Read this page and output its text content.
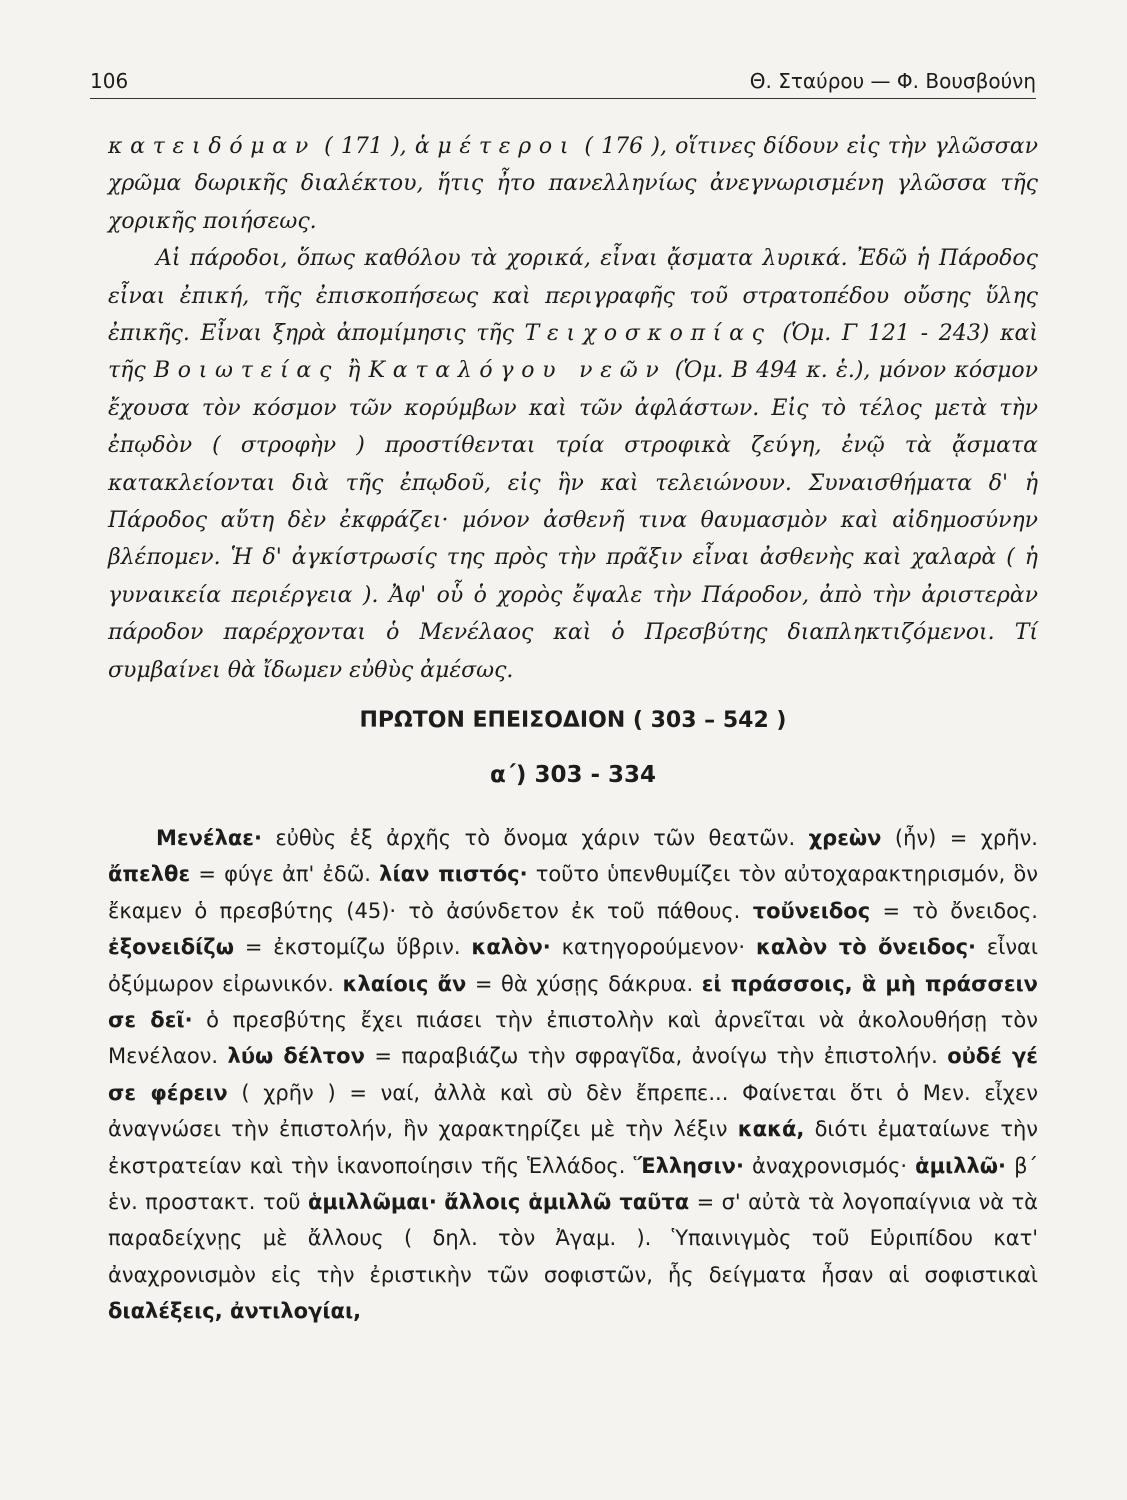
106	Θ. Σταύρου — Φ. Βουσβούνη

κατειδόμαν ( 171 ), ἁμέτεροι ( 176 ), οἵτινες δίδουν εἰς τὴν γλῶσσαν χρῶμα δωρικῆς διαλέκτου, ἥτις ἦτο πανελληνίως ἀνεγνωρισμένη γλῶσσα τῆς χορικῆς ποιήσεως.

Αἱ πάροδοι, ὅπως καθόλου τὰ χορικά, εἶναι ᾄσματα λυρικά. Ἐδῶ ἡ Πάροδος εἶναι ἐπική, τῆς ἐπισκοπήσεως καὶ περιγραφῆς τοῦ στρατοπέδου οὔσης ὕλης ἐπικῆς. Εἶναι ξηρὰ ἀπομίμησις τῆς Τειχοσκοπίας (Ὁμ. Γ 121 - 243) καὶ τῆς Βοιωτείας ἢ Καταλόγου νεῶν (Ὁμ. Β 494 κ. ἑ.), μόνον κόσμον ἔχουσα τὸν κόσμον τῶν κορύμβων καὶ τῶν ἀφλάστων. Εἰς τὸ τέλος μετὰ τὴν ἐπῳδὸν ( στροφὴν ) προστίθενται τρία στροφικὰ ζεύγη, ἐνῷ τὰ ᾄσματα κατακλείονται διὰ τῆς ἐπῳδοῦ, εἰς ἣν καὶ τελειώνουν. Συναισθήματα δ' ἡ Πάροδος αὕτη δὲν ἐκφράζει· μόνον ἀσθενῆ τινα θαυμασμὸν καὶ αἰδημοσύνην βλέπομεν. Ἡ δ' ἀγκίστρωσίς της πρὸς τὴν πρᾶξιν εἶναι ἀσθενὴς καὶ χαλαρὰ ( ἡ γυναικεία περιέργεια ). Ἀφ' οὗ ὁ χορὸς ἔψαλε τὴν Πάροδον, ἀπὸ τὴν ἀριστερὰν πάροδον παρέρχονται ὁ Μενέλαος καὶ ὁ Πρεσβύτης διαπληκτιζόμενοι. Τί συμβαίνει θὰ ἴδωμεν εὐθὺς ἀμέσως.

ΠΡΩΤΟΝ ΕΠΕΙΣΟΔΙΟΝ ( 303 – 542 )
α΄) 303 - 334

Μενέλαε· εὐθὺς ἐξ ἀρχῆς τὸ ὄνομα χάριν τῶν θεατῶν. χρεὼν (ἦν) = χρῆν. ἄπελθε = φύγε ἀπ' ἐδῶ. λίαν πιστός· τοῦτο ὑπενθυμίζει τὸν αὐτοχαρακτηρισμόν, ὃν ἔκαμεν ὁ πρεσβύτης (45)· τὸ ἀσύνδετον ἐκ τοῦ πάθους. τοὔνειδος = τὸ ὄνειδος. ἐξονειδίζω = ἐκστομίζω ὕβριν. καλὸν· κατηγορούμενον· καλὸν τὸ ὄνειδος· εἶναι ὀξύμωρον εἰρωνικόν. κλαίοις ἄν = θὰ χύσῃς δάκρυα. εἰ πράσσοις, ἃ μὴ πράσσειν σε δεῖ· ὁ πρεσβύτης ἔχει πιάσει τὴν ἐπιστολὴν καὶ ἀρνεῖται νὰ ἀκολουθήσῃ τὸν Μενέλαον. λύω δέλτον = παραβιάζω τὴν σφραγῖδα, ἀνοίγω τὴν ἐπιστολήν. οὐδέ γέ σε φέρειν ( χρῆν ) = ναί, ἀλλὰ καὶ σὺ δὲν ἔπρεπε... Φαίνεται ὅτι ὁ Μεν. εἶχεν ἀναγνώσει τὴν ἐπιστολήν, ἣν χαρακτηρίζει μὲ τὴν λέξιν κακά, διότι ἐματαίωνε τὴν ἐκστρατείαν καὶ τὴν ἱκανοποίησιν τῆς Ἑλλάδος. Ἕλλησιν· ἀναχρονισμός· ἁμιλλῶ· β΄ ἑν. προστακτ. τοῦ ἁμιλλῶμαι· ἄλλοις ἁμιλλῶ ταῦτα = σ' αὐτὰ τὰ λογοπαίγνια νὰ τὰ παραδείχνῃς μὲ ἄλλους ( δηλ. τὸν Ἀγαμ. ). Ὑπαινιγμὸς τοῦ Εὐριπίδου κατ' ἀναχρονισμὸν εἰς τὴν ἐριστικὴν τῶν σοφιστῶν, ἧς δείγματα ἦσαν αἱ σοφιστικαὶ διαλέξεις, ἀντιλογίαι,
